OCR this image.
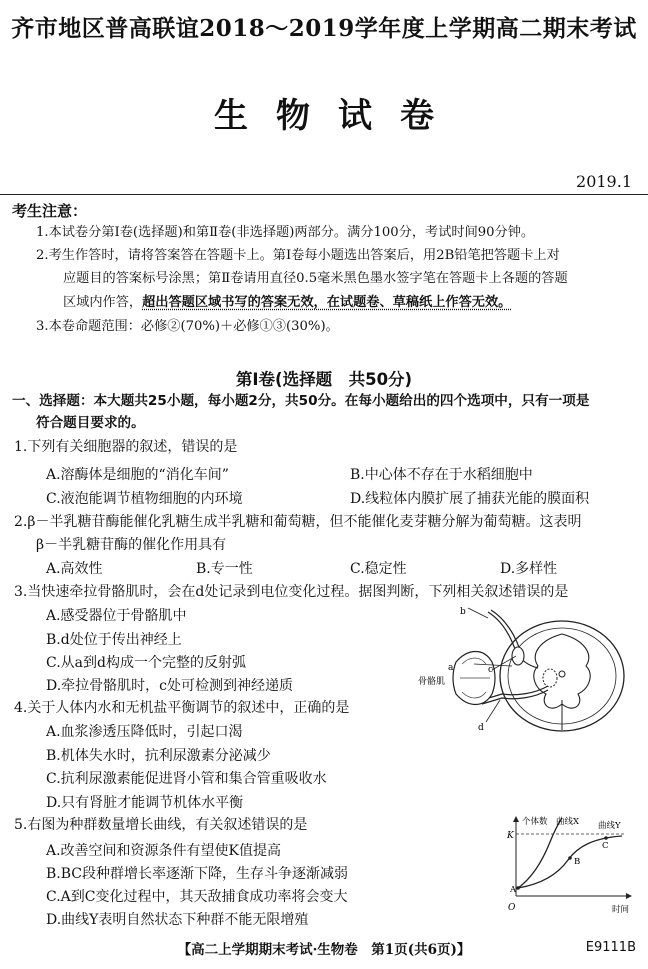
齐市地区普高联谊2018～2019学年度上学期高二期末考试
生物试卷
2019.1
考生注意：
1.本试卷分第Ⅰ卷(选择题)和第Ⅱ卷(非选择题)两部分。满分100分，考试时间90分钟。
2.考生作答时，请将答案答在答题卡上。第Ⅰ卷每小题选出答案后，用2B铅笔把答题卡上对
应题目的答案标号涂黑；第Ⅱ卷请用直径0.5毫米黑色墨水签字笔在答题卡上各题的答题
区域内作答，超出答题区域书写的答案无效，在试题卷、草稿纸上作答无效。
3.本卷命题范围：必修②(70%)＋必修①③(30%)。
第Ⅰ卷(选择题　共50分)
一、选择题：本大题共25小题，每小题2分，共50分。在每小题给出的四个选项中，只有一项是
符合题目要求的。
1.下列有关细胞器的叙述，错误的是
A.溶酶体是细胞的“消化车间”	B.中心体不存在于水稻细胞中
C.液泡能调节植物细胞的内环境	D.线粒体内膜扩展了捕获光能的膜面积
2.β－半乳糖苷酶能催化乳糖生成半乳糖和葡萄糖，但不能催化麦芽糖分解为葡萄糖。这表明
β－半乳糖苷酶的催化作用具有
A.高效性	B.专一性	C.稳定性	D.多样性
3.当快速牵拉骨骼肌时，会在d处记录到电位变化过程。据图判断，下列相关叙述错误的是
A.感受器位于骨骼肌中
B.d处位于传出神经上
C.从a到d构成一个完整的反射弧
D.牵拉骨骼肌时，c处可检测到神经递质
a
骨骼肌
b
c
d
4.关于人体内水和无机盐平衡调节的叙述中，正确的是
A.血浆渗透压降低时，引起口渴
B.机体失水时，抗利尿激素分泌减少
C.抗利尿激素能促进肾小管和集合管重吸收水
D.只有肾脏才能调节机体水平衡
5.右图为种群数量增长曲线，有关叙述错误的是
A.改善空间和资源条件有望使K值提高
B.BC段种群增长率逐渐下降，生存斗争逐渐减弱
C.A到C变化过程中，其天敌捕食成功率将会变大
D.曲线Y表明自然状态下种群不能无限增殖
个体数 曲线X 曲线Y
K
O	时间
A
B
C
【高二上学期期末考试·生物卷　第1页(共6页)】	E9111B
